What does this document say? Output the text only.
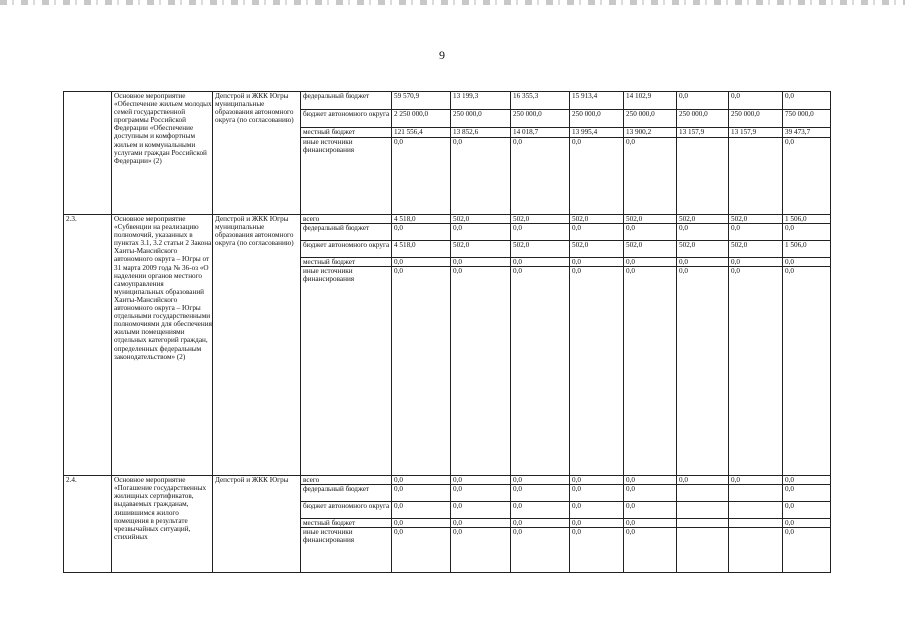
9
	Основное мероприятие «Обеспечение жильем молодых семей государственной программы Российской Федерации «Обеспечение доступным и комфортным жильем и коммунальными услугами граждан Российской Федерации» (2)	Депстрой и ЖКК Югры муниципальные образования автономного округа (по согласованию)	федеральный бюджет	59 570,9	13 199,3	16 355,3	15 913,4	14 102,9	0,0	0,0	0,0
			бюджет автономного округа	2 250 000,0	250 000,0	250 000,0	250 000,0	250 000,0	250 000,0	250 000,0	750 000,0
			местный бюджет	121 556,4	13 852,6	14 018,7	13 995,4	13 900,2	13 157,9	13 157,9	39 473,7
			иные источники финансирования	0,0	0,0	0,0	0,0	0,0			0,0
2.3.	Основное мероприятие «Субвенции на реализацию полномочий, указанных в пунктах 3.1, 3.2 статьи 2 Закона Ханты-Мансийского автономного округа – Югры от 31 марта 2009 года № 36-оз «О наделении органов местного самоуправления муниципальных образований Ханты-Мансийского автономного округа – Югры отдельными государственными полномочиями для обеспечения жилыми помещениями отдельных категорий граждан, определенных федеральным законодательством» (2)	Депстрой и ЖКК Югры муниципальные образования автономного округа (по согласованию)	всего	4 518,0	502,0	502,0	502,0	502,0	502,0	502,0	1 506,0
			федеральный бюджет	0,0	0,0	0,0	0,0	0,0	0,0	0,0	0,0
			бюджет автономного округа	4 518,0	502,0	502,0	502,0	502,0	502,0	502,0	1 506,0
			местный бюджет	0,0	0,0	0,0	0,0	0,0	0,0	0,0	0,0
			иные источники финансирования	0,0	0,0	0,0	0,0	0,0	0,0	0,0	0,0
2.4.	Основное мероприятие «Погашение государственных жилищных сертификатов, выдаваемых гражданам, лишившимся жилого помещения в результате чрезвычайных ситуаций, стихийных	Депстрой и ЖКК Югры	всего	0,0	0,0	0,0	0,0	0,0	0,0	0,0	0,0
			федеральный бюджет	0,0	0,0	0,0	0,0	0,0			0,0
			бюджет автономного округа	0,0	0,0	0,0	0,0	0,0			0,0
			местный бюджет	0,0	0,0	0,0	0,0	0,0			0,0
			иные источники финансирования	0,0	0,0	0,0	0,0	0,0			0,0
